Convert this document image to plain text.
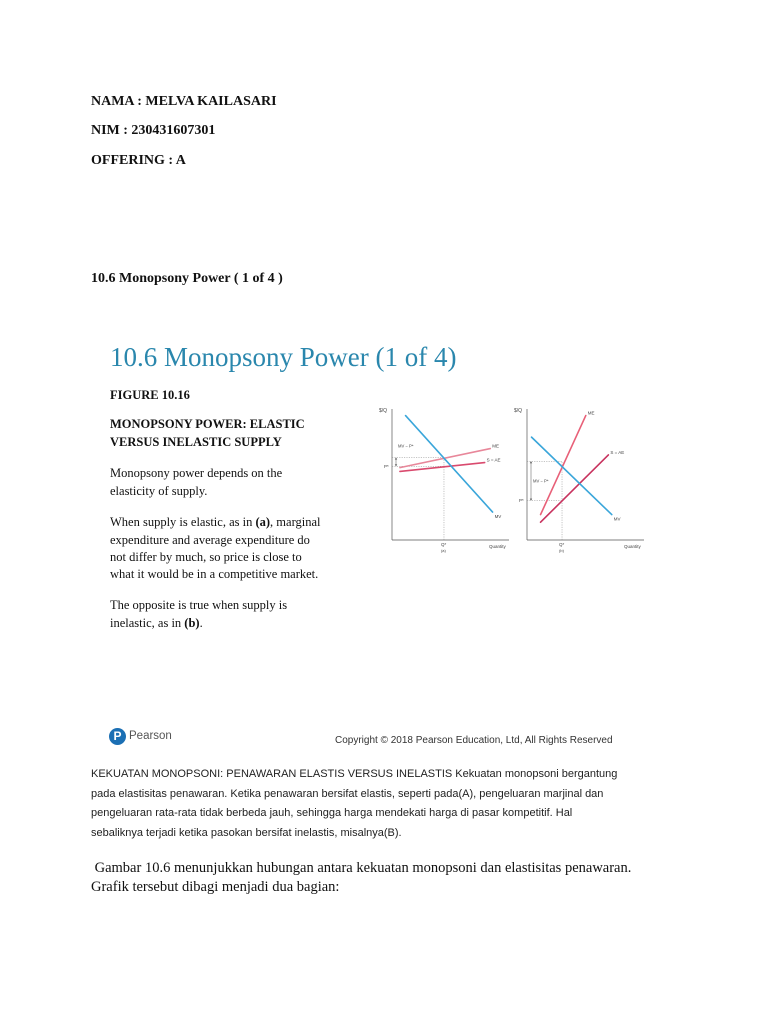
NAMA : MELVA KAILASARI
NIM : 230431607301
OFFERING : A
10.6 Monopsony Power ( 1 of 4 )
10.6 Monopsony Power (1 of 4)
FIGURE 10.16
MONOPSONY POWER: ELASTIC
VERSUS INELASTIC SUPPLY
Monopsony power depends on the
elasticity of supply.
When supply is elastic, as in (a), marginal
expenditure and average expenditure do
not differ by much, so price is close to
what it would be in a competitive market.
The opposite is true when supply is
inelastic, as in (b).
$/Q
Quantity
MV − P*	ME
S = AE
MV
Q*
(a)
P*
$/Q
Quantity
MV − P*
ME
S = AE
MV
Q*
(b)
P*
P Pearson	Copyright © 2018 Pearson Education, Ltd, All Rights Reserved
KEKUATAN MONOPSONI: PENAWARAN ELASTIS VERSUS INELASTIS Kekuatan monopsoni bergantung
pada elastisitas penawaran. Ketika penawaran bersifat elastis, seperti pada(A), pengeluaran marjinal dan
pengeluaran rata-rata tidak berbeda jauh, sehingga harga mendekati harga di pasar kompetitif. Hal
sebaliknya terjadi ketika pasokan bersifat inelastis, misalnya(B).
Gambar 10.6 menunjukkan hubungan antara kekuatan monopsoni dan elastisitas penawaran.
Grafik tersebut dibagi menjadi dua bagian:
